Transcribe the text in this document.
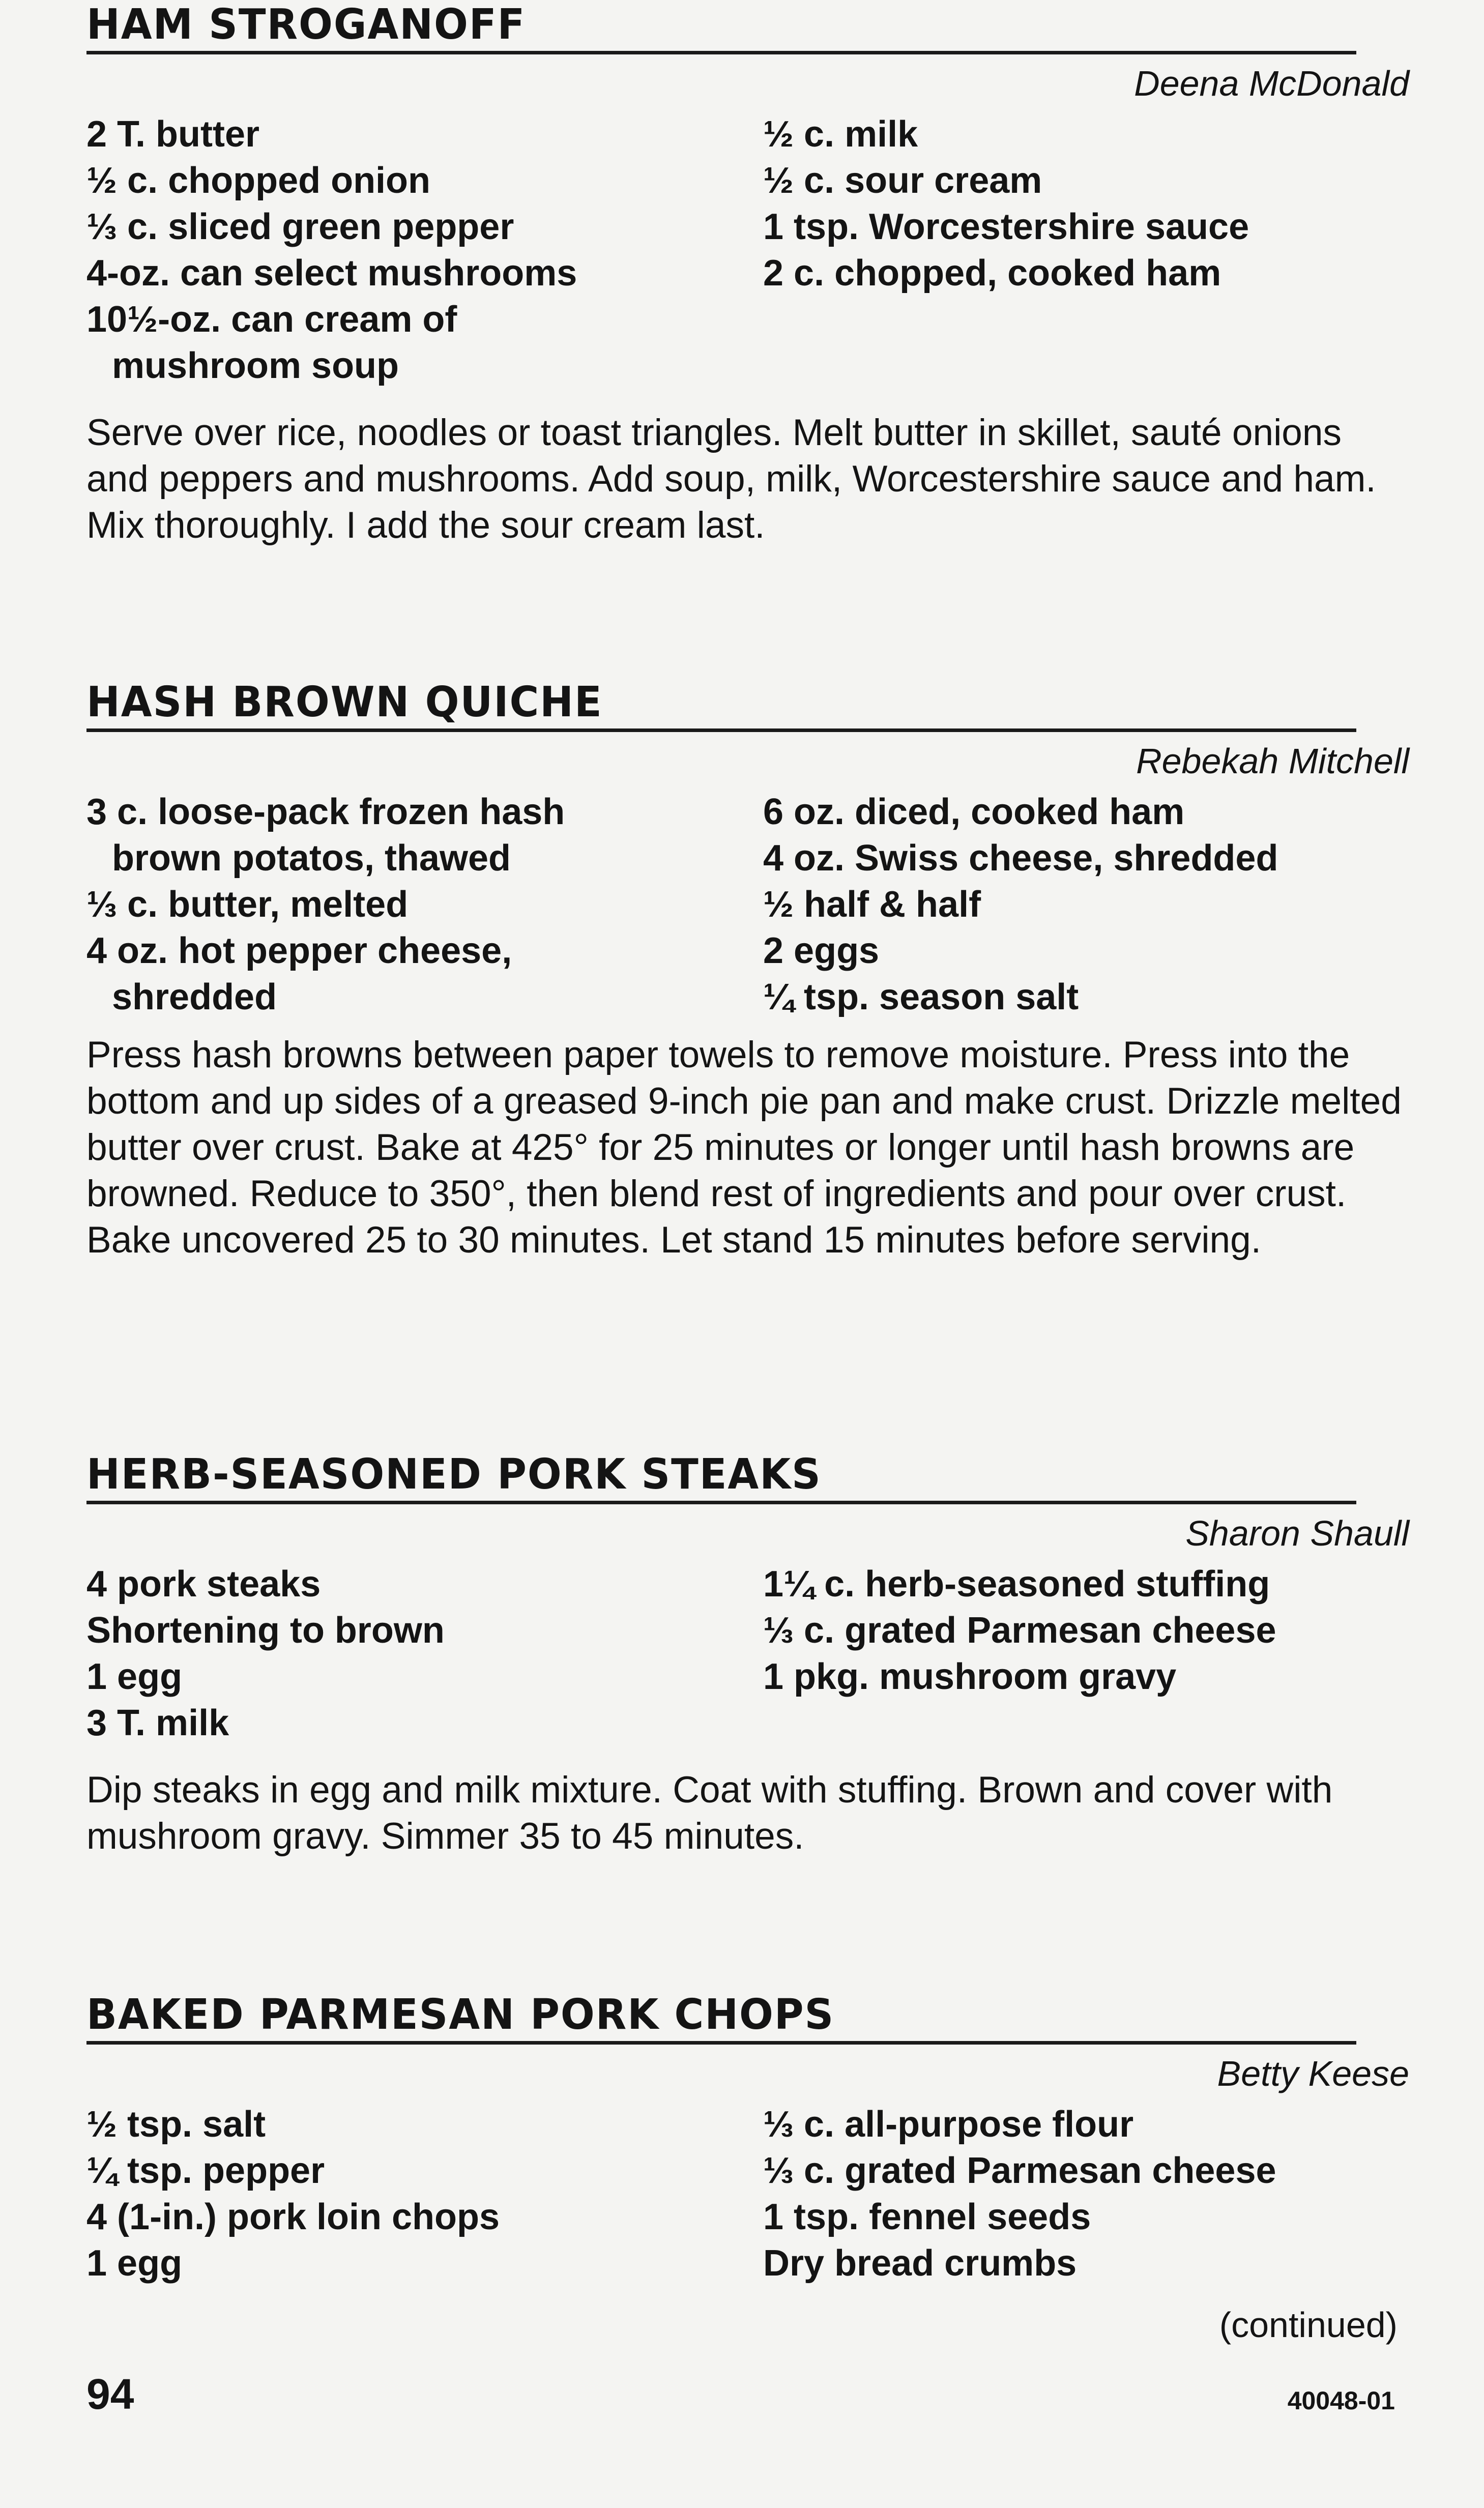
HAM STROGANOFF
Deena McDonald
2 T. butter
½ c. chopped onion
⅓ c. sliced green pepper
4-oz. can select mushrooms
10½-oz. can cream of
mushroom soup
½ c. milk
½ c. sour cream
1 tsp. Worcestershire sauce
2 c. chopped, cooked ham

Serve over rice, noodles or toast triangles. Melt butter in skillet, sauté onions and peppers and mushrooms. Add soup, milk, Worcestershire sauce and ham. Mix thoroughly. I add the sour cream last.

HASH BROWN QUICHE
Rebekah Mitchell
3 c. loose-pack frozen hash
brown potatos, thawed
⅓ c. butter, melted
4 oz. hot pepper cheese,
shredded
6 oz. diced, cooked ham
4 oz. Swiss cheese, shredded
½ half & half
2 eggs
¼ tsp. season salt

Press hash browns between paper towels to remove moisture. Press into the bottom and up sides of a greased 9-inch pie pan and make crust. Drizzle melted butter over crust. Bake at 425° for 25 minutes or longer until hash browns are browned. Reduce to 350°, then blend rest of ingredients and pour over crust. Bake uncovered 25 to 30 minutes. Let stand 15 minutes before serving.

HERB-SEASONED PORK STEAKS
Sharon Shaull
4 pork steaks
Shortening to brown
1 egg
3 T. milk
1¼ c. herb-seasoned stuffing
⅓ c. grated Parmesan cheese
1 pkg. mushroom gravy

Dip steaks in egg and milk mixture. Coat with stuffing. Brown and cover with mushroom gravy. Simmer 35 to 45 minutes.

BAKED PARMESAN PORK CHOPS
Betty Keese
½ tsp. salt
¼ tsp. pepper
4 (1-in.) pork loin chops
1 egg
⅓ c. all-purpose flour
⅓ c. grated Parmesan cheese
1 tsp. fennel seeds
Dry bread crumbs
(continued)
94	40048-01
